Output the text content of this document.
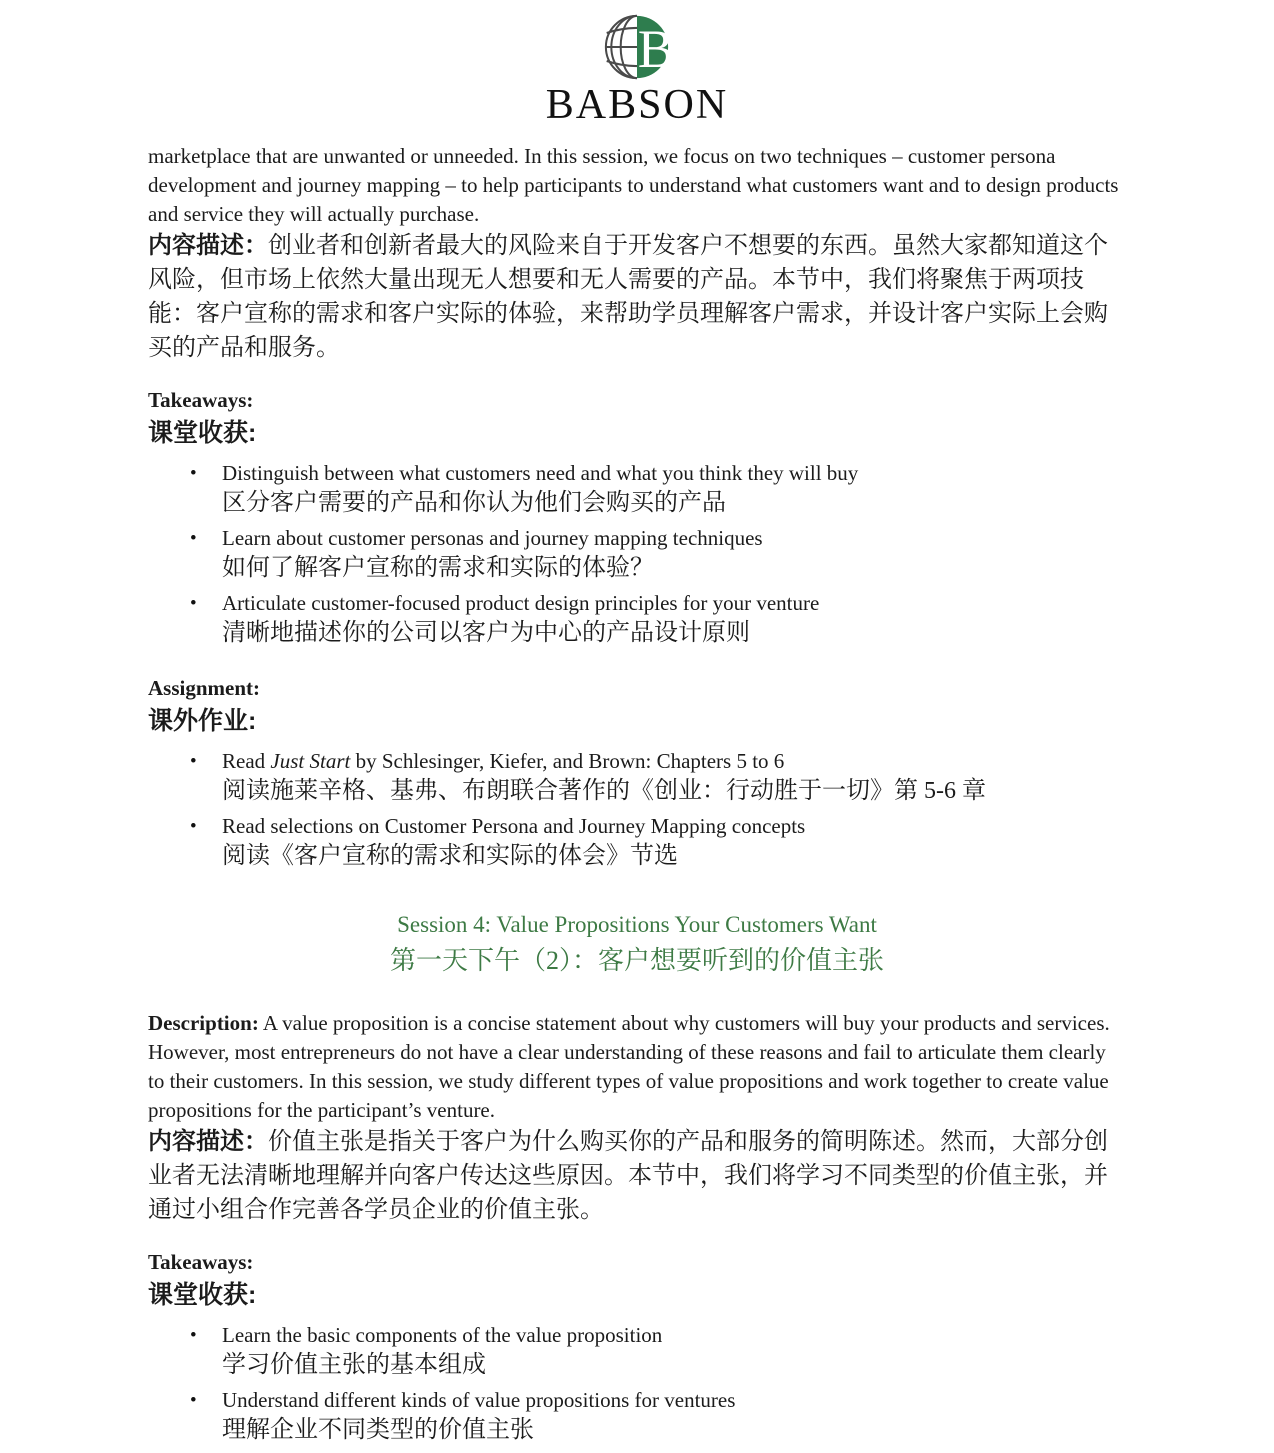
B
BABSON

marketplace that are unwanted or unneeded. In this session, we focus on two techniques – customer persona development and journey mapping – to help participants to understand what customers want and to design products and service they will actually purchase.

内容描述：创业者和创新者最大的风险来自于开发客户不想要的东西。虽然大家都知道这个风险，但市场上依然大量出现无人想要和无人需要的产品。本节中，我们将聚焦于两项技能：客户宣称的需求和客户实际的体验，来帮助学员理解客户需求，并设计客户实际上会购买的产品和服务。

Takeaways:
课堂收获:
•	Distinguish between what customers need and what you think they will buy
区分客户需要的产品和你认为他们会购买的产品
•	Learn about customer personas and journey mapping techniques
如何了解客户宣称的需求和实际的体验？
•	Articulate customer-focused product design principles for your venture
清晰地描述你的公司以客户为中心的产品设计原则
Assignment:
课外作业:
•	Read Just Start by Schlesinger, Kiefer, and Brown: Chapters 5 to 6
阅读施莱辛格、基弗、布朗联合著作的《创业：行动胜于一切》第 5-6 章
•	Read selections on Customer Persona and Journey Mapping concepts
阅读《客户宣称的需求和实际的体会》节选
Session 4: Value Propositions Your Customers Want
第一天下午（2）：客户想要听到的价值主张

Description: A value proposition is a concise statement about why customers will buy your products and services. However, most entrepreneurs do not have a clear understanding of these reasons and fail to articulate them clearly to their customers. In this session, we study different types of value propositions and work together to create value propositions for the participant’s venture.

内容描述：价值主张是指关于客户为什么购买你的产品和服务的简明陈述。然而，大部分创业者无法清晰地理解并向客户传达这些原因。本节中，我们将学习不同类型的价值主张，并通过小组合作完善各学员企业的价值主张。

Takeaways:
课堂收获:
•	Learn the basic components of the value proposition
学习价值主张的基本组成
•	Understand different kinds of value propositions for ventures
理解企业不同类型的价值主张
